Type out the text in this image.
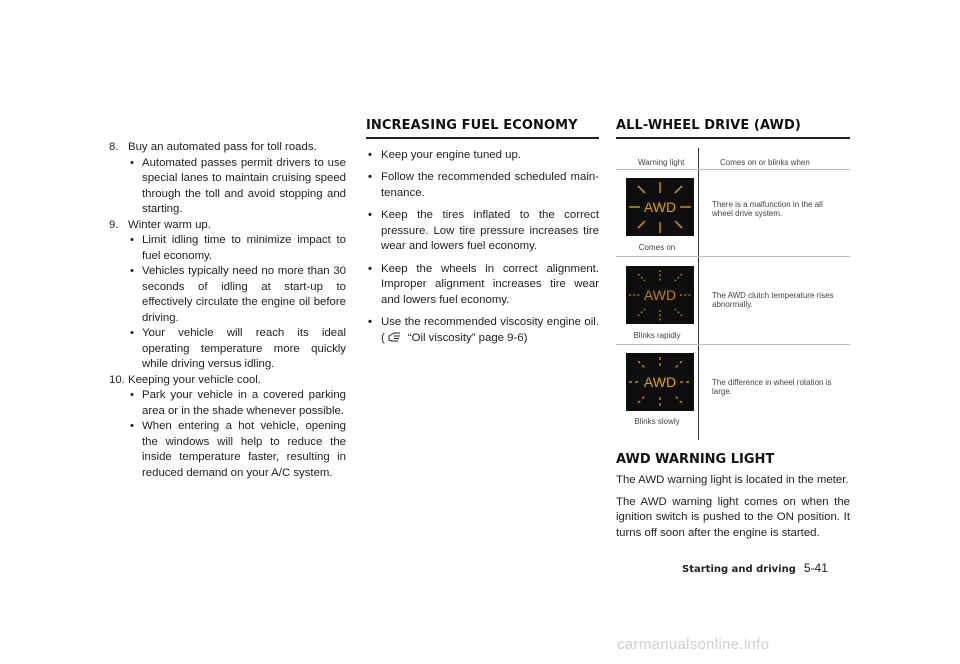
8. Buy an automated pass for toll roads.
• Automated passes permit drivers to use special lanes to maintain cruising speed through the toll and avoid stopping and starting.
9. Winter warm up.
• Limit idling time to minimize impact to fuel economy.
• Vehicles typically need no more than 30 seconds of idling at start-up to effectively circulate the engine oil before driving.
• Your vehicle will reach its ideal operating temperature more quickly while driving versus idling.
10. Keeping your vehicle cool.
• Park your vehicle in a covered parking area or in the shade whenever possible.
• When entering a hot vehicle, opening the windows will help to reduce the inside temperature faster, resulting in reduced demand on your A/C system.
INCREASING FUEL ECONOMY
• Keep your engine tuned up.
• Follow the recommended scheduled main-tenance.
• Keep the tires inflated to the correct pressure. Low tire pressure increases tire wear and lowers fuel economy.
• Keep the wheels in correct alignment. Improper alignment increases tire wear and lowers fuel economy.
• Use the recommended viscosity engine oil. ( “Oil viscosity” page 9-6)
ALL-WHEEL DRIVE (AWD)
Warning light	Comes on or blinks when
AWD
Comes on
There is a malfunction in the all wheel drive system.
AWD
Blinks rapidly
The AWD clutch temperature rises abnormally.
AWD
Blinks slowly
The difference in wheel rotation is large.
AWD WARNING LIGHT

The AWD warning light is located in the meter.

The AWD warning light comes on when the ignition switch is pushed to the ON position. It turns off soon after the engine is started.

Starting and driving 5-41
carmanualsonline.info
